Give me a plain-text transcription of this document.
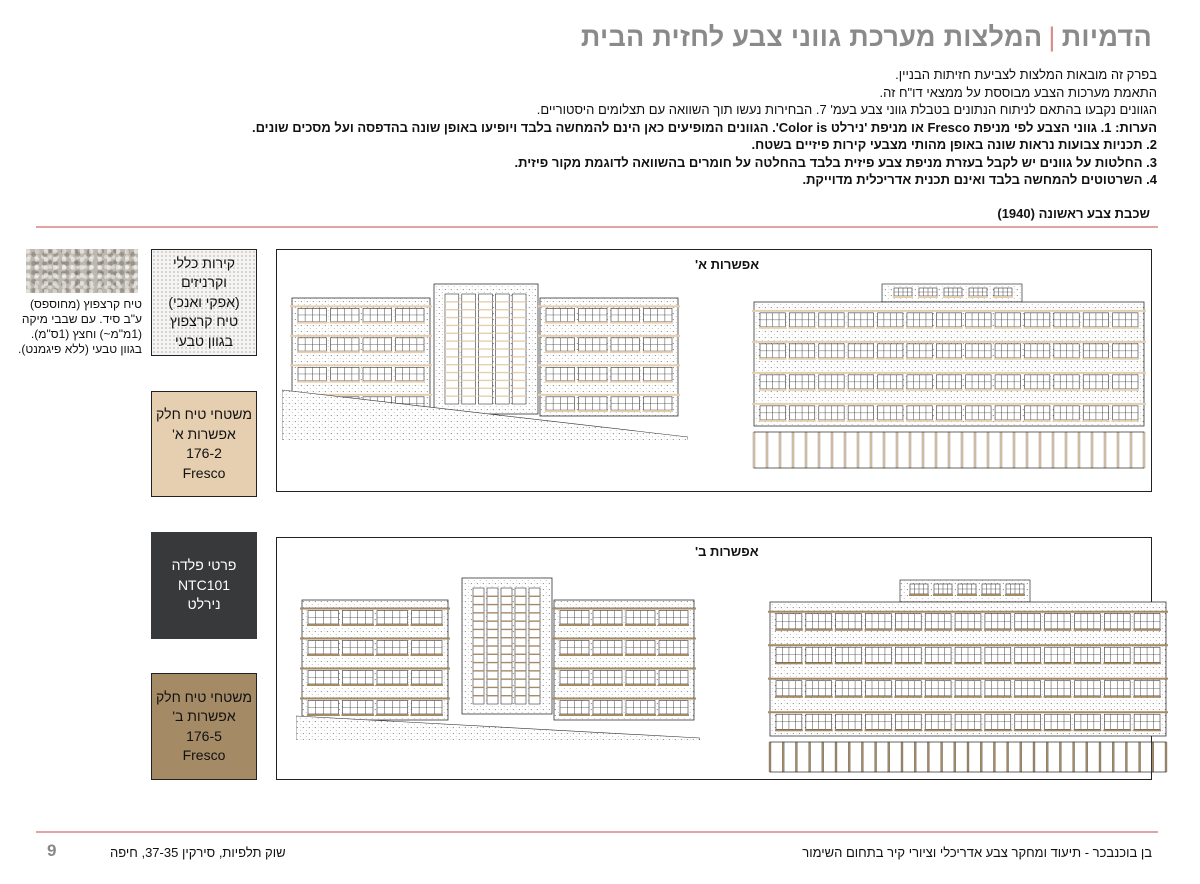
הדמיות|המלצות מערכת גווני צבע לחזית הבית
בפרק זה מובאות המלצות לצביעת חזיתות הבניין.
התאמת מערכות הצבע מבוססת על ממצאי דו"ח זה.
הגוונים נקבעו בהתאם לניתוח הנתונים בטבלת גווני צבע בעמ' 7. הבחירות נעשו תוך השוואה עם תצלומים היסטוריים.
הערות: 1. גווני הצבע לפי מניפת Fresco או מניפת 'נירלט Color is'. הגוונים המופיעים כאן הינם להמחשה בלבד ויופיעו באופן שונה בהדפסה ועל מסכים שונים.
2. תכניות צבועות נראות שונה באופן מהותי מצבעי קירות פיזיים בשטח.
3. החלטות על גוונים יש לקבל בעזרת מניפת צבע פיזית בלבד בהחלטה על חומרים בהשוואה לדוגמת מקור פיזית.
4. השרטוטים להמחשה בלבד ואינם תכנית אדריכלית מדוייקת.
שכבת צבע ראשונה (1940)
טיח קרצפוץ (מחוספס) ע"ב סיד. עם שבבי מיקה (1מ"מ~) וחצץ (1ס"מ). בגוון טבעי (ללא פיגמנט).
קירות כללי
וקרניזים
(אפקי ואנכי)
טיח קרצפוץ
בגוון טבעי
משטחי טיח חלק
אפשרות א'
176-2
Fresco
פרטי פלדה
NTC101
נירלט
משטחי טיח חלק
אפשרות ב'
176-5
Fresco
אפשרות א'
אפשרות ב'
בן בוכנבכר - תיעוד ומחקר צבע אדריכלי וציורי קיר בתחום השימור
שוק תלפיות, סירקין 37-35, חיפה
9
